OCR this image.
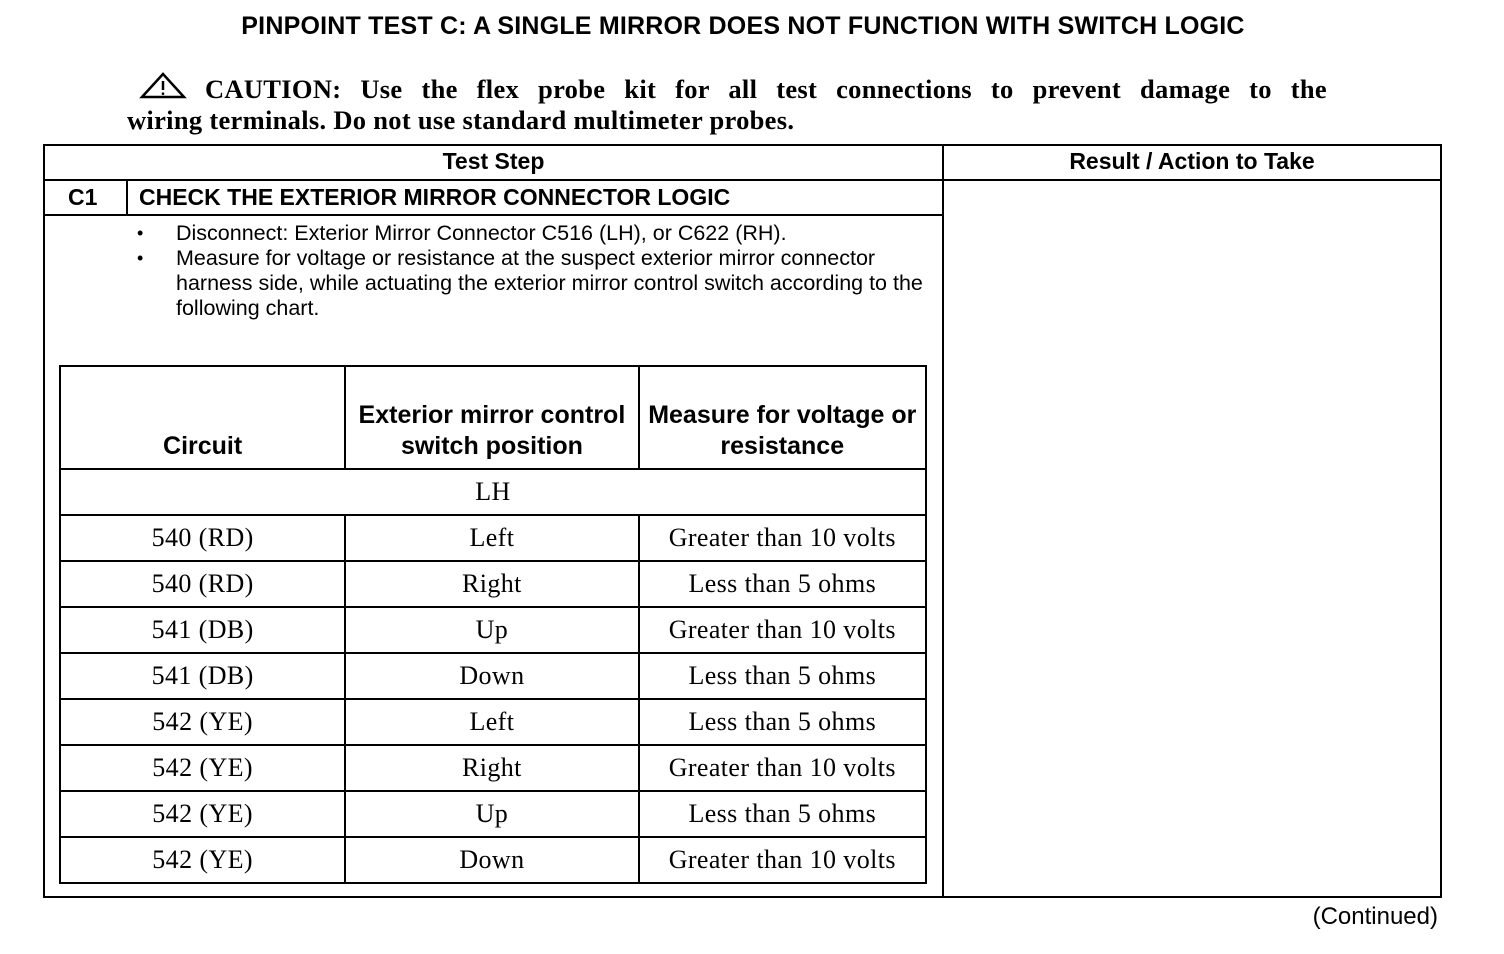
PINPOINT TEST C: A SINGLE MIRROR DOES NOT FUNCTION WITH SWITCH LOGIC
CAUTION: Use the flex probe kit for all test connections to prevent damage to the
wiring terminals. Do not use standard multimeter probes.
Test Step	Result / Action to Take
C1 CHECK THE EXTERIOR MIRROR CONNECTOR LOGIC
• Disconnect: Exterior Mirror Connector C516 (LH), or C622 (RH).
• Measure for voltage or resistance at the suspect exterior mirror connector harness side, while actuating the exterior mirror control switch according to the following chart.
Circuit	Exterior mirror control switch position	Measure for voltage or resistance
LH		
540 (RD)	Left	Greater than 10 volts
540 (RD)	Right	Less than 5 ohms
541 (DB)	Up	Greater than 10 volts
541 (DB)	Down	Less than 5 ohms
542 (YE)	Left	Less than 5 ohms
542 (YE)	Right	Greater than 10 volts
542 (YE)	Up	Less than 5 ohms
542 (YE)	Down	Greater than 10 volts
(Continued)
